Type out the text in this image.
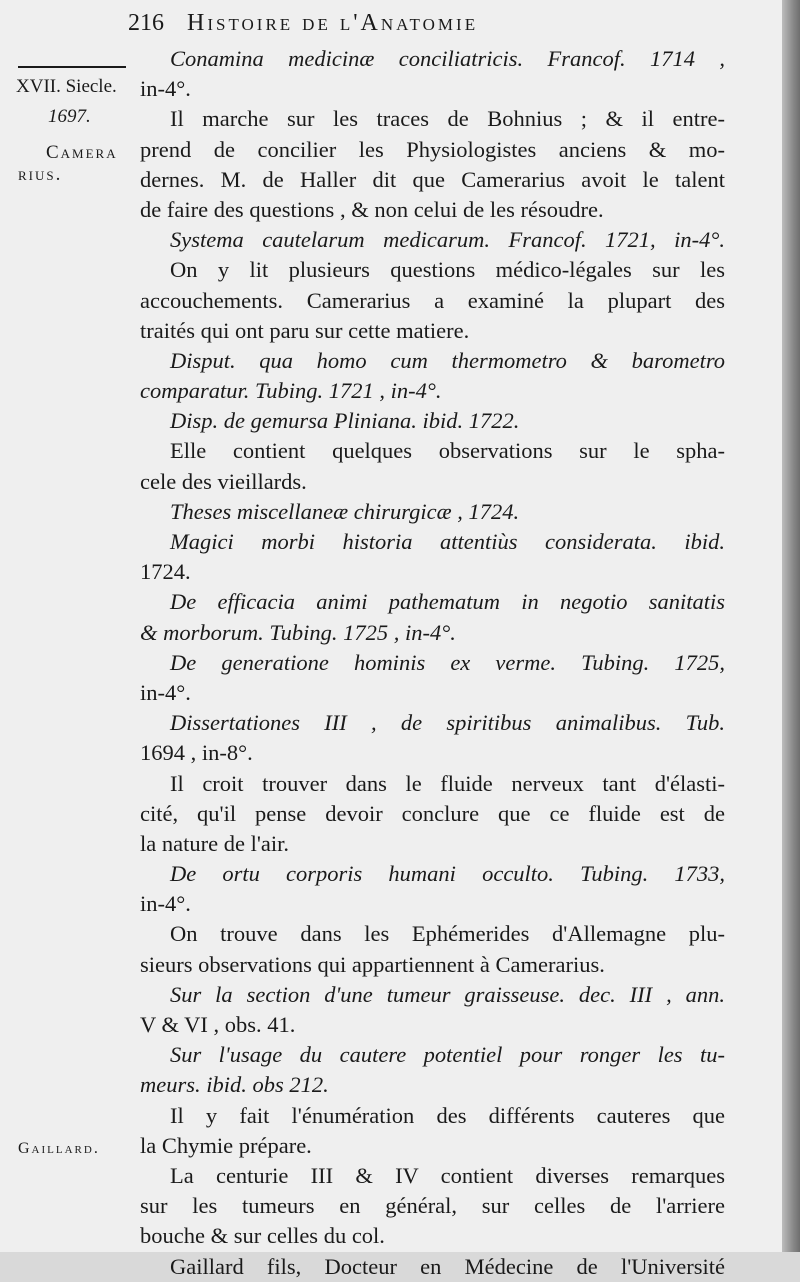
216 Histoire de l'Anatomie
XVII. Siecle.
1697.
Camera
rius.
Gaillard.
Conamina medicinæ conciliatricis. Francof. 1714 ,
in-4°.
Il marche sur les traces de Bohnius ; & il entre-
prend de concilier les Physiologistes anciens & mo-
dernes. M. de Haller dit que Camerarius avoit le talent
de faire des questions , & non celui de les résoudre.
Systema cautelarum medicarum. Francof. 1721, in-4°.
On y lit plusieurs questions médico-légales sur les
accouchements. Camerarius a examiné la plupart des
traités qui ont paru sur cette matiere.
Disput. qua homo cum thermometro & barometro
comparatur. Tubing. 1721 , in-4°.
Disp. de gemursa Pliniana. ibid. 1722.
Elle contient quelques observations sur le spha-
cele des vieillards.
Theses miscellaneæ chirurgicæ , 1724.
Magici morbi historia attentiùs considerata. ibid.
1724.
De efficacia animi pathematum in negotio sanitatis
& morborum. Tubing. 1725 , in-4°.
De generatione hominis ex verme. Tubing. 1725,
in-4°.
Dissertationes III , de spiritibus animalibus. Tub.
1694 , in-8°.
Il croit trouver dans le fluide nerveux tant d'élasti-
cité, qu'il pense devoir conclure que ce fluide est de
la nature de l'air.
De ortu corporis humani occulto. Tubing. 1733,
in-4°.
On trouve dans les Ephémerides d'Allemagne plu-
sieurs observations qui appartiennent à Camerarius.
Sur la section d'une tumeur graisseuse. dec. III , ann.
V & VI , obs. 41.
Sur l'usage du cautere potentiel pour ronger les tu-
meurs. ibid. obs 212.
Il y fait l'énumération des différents cauteres que
la Chymie prépare.
La centurie III & IV contient diverses remarques
sur les tumeurs en général, sur celles de l'arriere
bouche & sur celles du col.
Gaillard fils, Docteur en Médecine de l'Université
